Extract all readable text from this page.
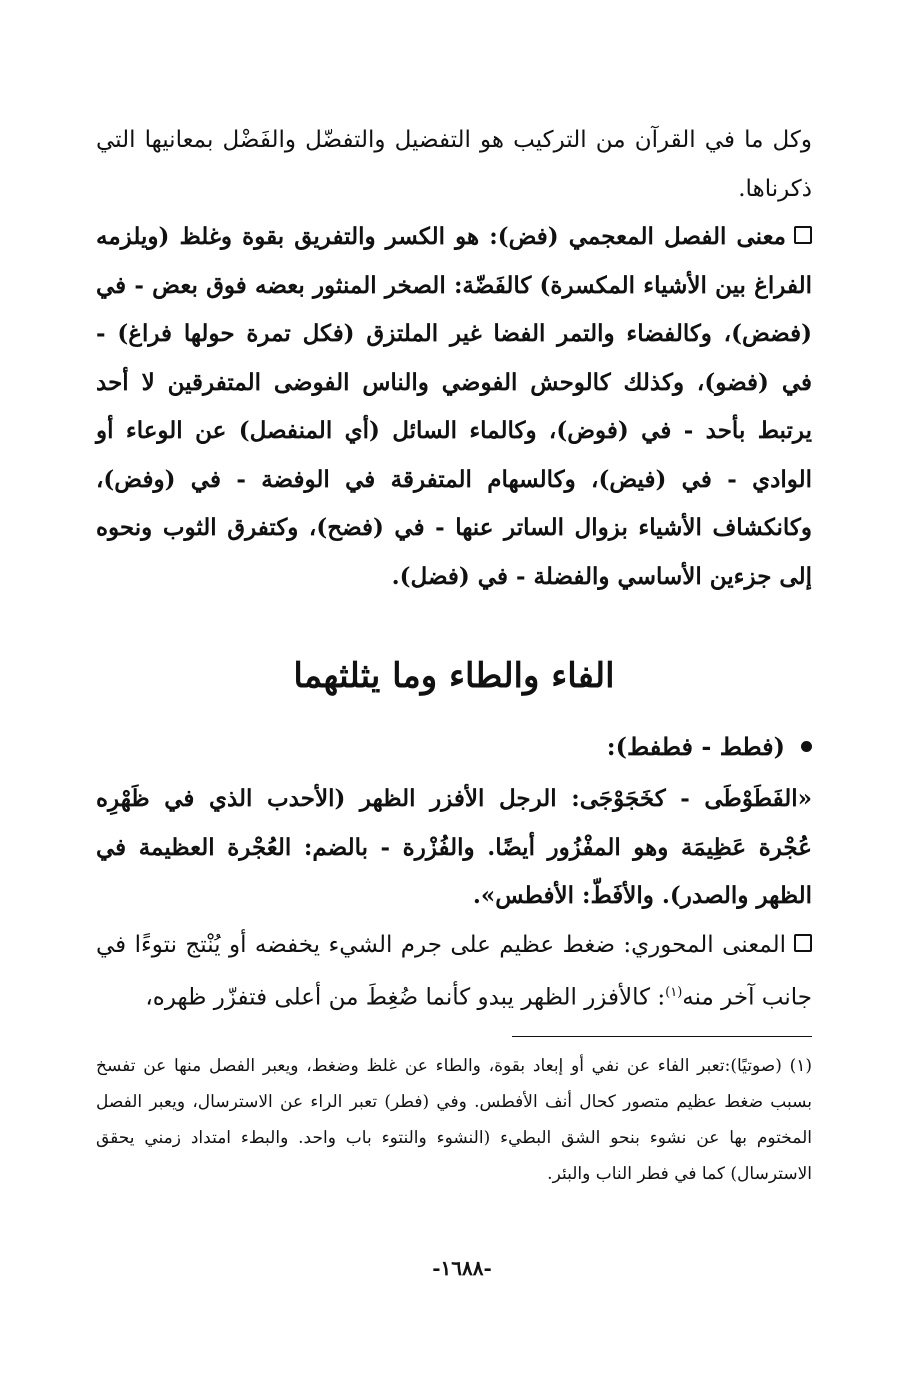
وكل ما في القرآن من التركيب هو التفضيل والتفضّل والفَضْل بمعانيها التي ذكرناها.

معنى الفصل المعجمي (فض): هو الكسر والتفريق بقوة وغلظ (ويلزمه الفراغ بين الأشياء المكسرة) كالفَضّة: الصخر المنثور بعضه فوق بعض - في (فضض)، وكالفضاء والتمر الفضا غير الملتزق (فكل تمرة حولها فراغ) - في (فضو)، وكذلك كالوحش الفوضي والناس الفوضى المتفرقين لا أحد يرتبط بأحد - في (فوض)، وكالماء السائل (أي المنفصل) عن الوعاء أو الوادي - في (فيض)، وكالسهام المتفرقة في الوفضة - في (وفض)، وكانكشاف الأشياء بزوال الساتر عنها - في (فضح)، وكتفرق الثوب ونحوه إلى جزءين الأساسي والفضلة - في (فضل).

الفاء والطاء وما يثلثهما
(فطط - فطفط):

«الفَطَوْطَى - كخَجَوْجَى: الرجل الأفزر الظهر (الأحدب الذي في ظَهْرِه عُجْرة عَظِيمَة وهو المفْزُور أيضًا. والفُزْرة - بالضم: العُجْرة العظيمة في الظهر والصدر). والأفَطّ: الأفطس».

المعنى المحوري: ضغط عظيم على جرم الشيء يخفضه أو يُنْتج نتوءًا في جانب آخر منه$^{(١)}$: كالأفزر الظهر يبدو كأنما ضُغِطَ من أعلى فتفزّر ظهره،

(١) (صوتيًا):تعبر الفاء عن نفي أو إبعاد بقوة، والطاء عن غلظ وضغط، ويعبر الفصل منها عن تفسخ بسبب ضغط عظيم متصور كحال أنف الأفطس. وفي (فطر) تعبر الراء عن الاسترسال، ويعبر الفصل المختوم بها عن نشوء بنحو الشق البطيء (النشوء والنتوء باب واحد. والبطء امتداد زمني يحقق الاسترسال) كما في فطر الناب والبئر.

-١٦٨٨-
